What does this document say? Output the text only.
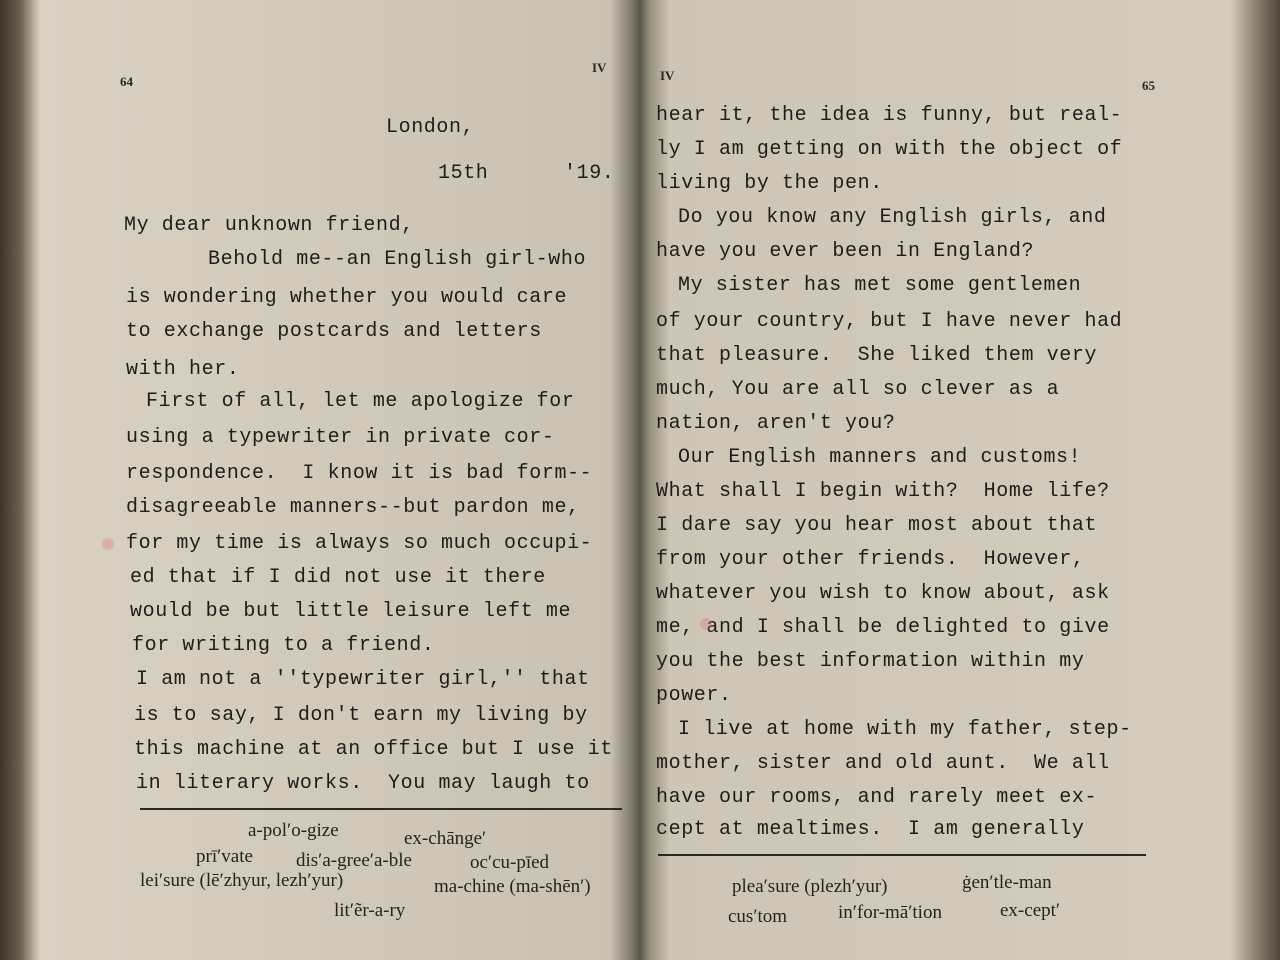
64
IV
London,
15th      '19.
My dear unknown friend,
Behold me--an English girl-who
is wondering whether you would care
to exchange postcards and letters
with her.
First of all, let me apologize for
using a typewriter in private cor-
respondence.  I know it is bad form--
disagreeable manners--but pardon me,
for my time is always so much occupi-
ed that if I did not use it there
would be but little leisure left me
for writing to a friend.
I am not a ''typewriter girl,'' that
is to say, I don't earn my living by
this machine at an office but I use it
in literary works.  You may laugh to
a-pol′o-gize	ex-chānge′
prī′vate dis′a-gree′a-ble	oc′cu-pīed
lei′sure (lē′zhyur, lezh′yur)	ma-chine (ma-shēn′)
lit′ẽr-a-ry
IV
65
hear it, the idea is funny, but real-
ly I am getting on with the object of
living by the pen.
Do you know any English girls, and
have you ever been in England?
My sister has met some gentlemen
of your country, but I have never had
that pleasure.  She liked them very
much, You are all so clever as a
nation, aren't you?
Our English manners and customs!
What shall I begin with?  Home life?
I dare say you hear most about that
from your other friends.  However,
whatever you wish to know about, ask
me, and I shall be delighted to give
you the best information within my
power.
I live at home with my father, step-
mother, sister and old aunt.  We all
have our rooms, and rarely meet ex-
cept at mealtimes.  I am generally
plea′sure (plezh′yur)	ġen′tle-man
cus′tom	in′for-mā′tion	ex-cept′
